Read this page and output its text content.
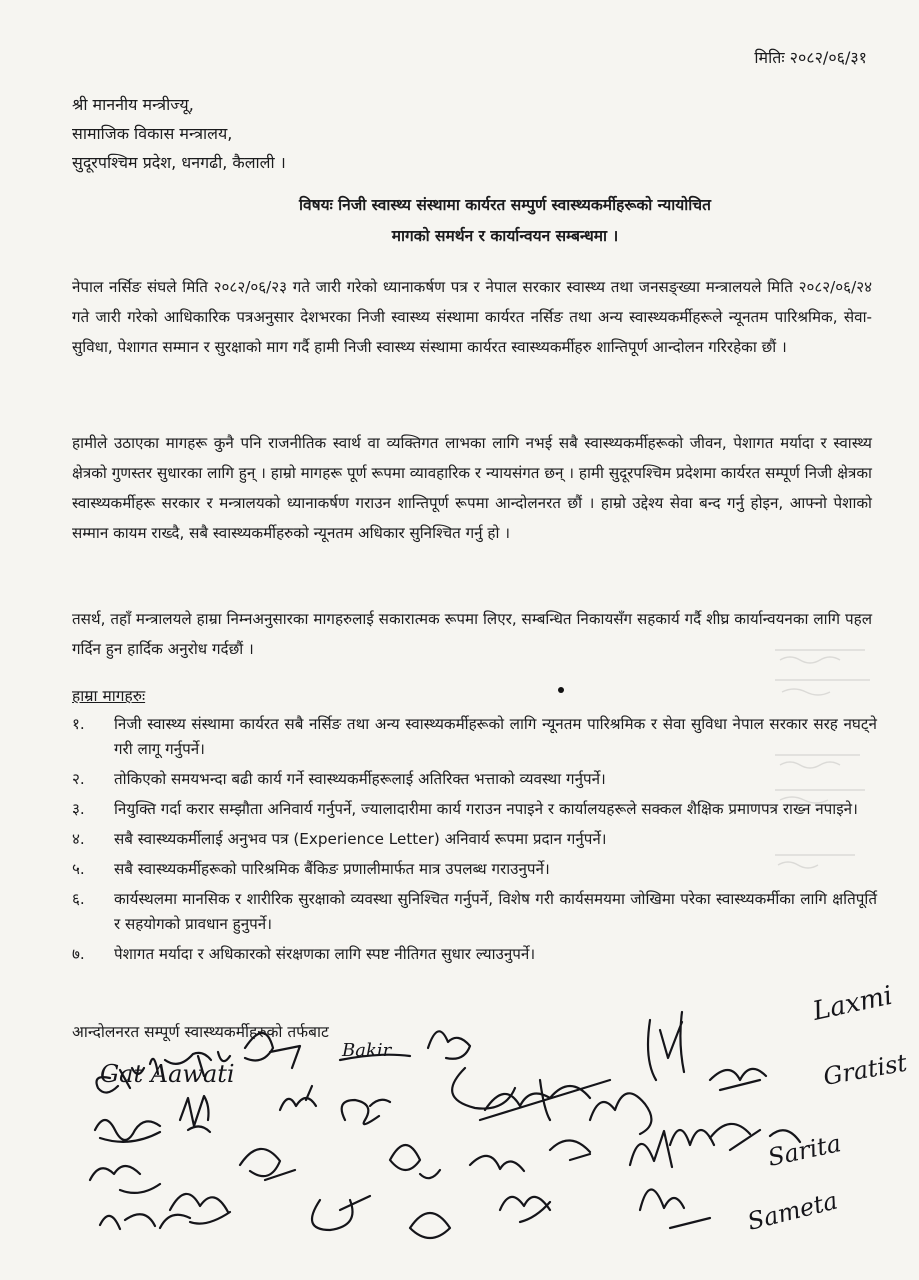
मितिः २०८२/०६/३१
श्री माननीय मन्त्रीज्यू,
सामाजिक विकास मन्त्रालय,
सुदूरपश्चिम प्रदेश, धनगढी, कैलाली ।
विषयः निजी स्वास्थ्य संस्थामा कार्यरत सम्पुर्ण स्वास्थ्यकर्मीहरूको न्यायोचित
मागको समर्थन र कार्यान्वयन सम्बन्धमा ।
नेपाल नर्सिङ संघले मिति २०८२/०६/२३ गते जारी गरेको ध्यानाकर्षण पत्र र नेपाल सरकार स्वास्थ्य तथा जनसङ्ख्या मन्त्रालयले मिति २०८२/०६/२४ गते जारी गरेको आधिकारिक पत्रअनुसार देशभरका निजी स्वास्थ्य संस्थामा कार्यरत नर्सिङ तथा अन्य स्वास्थ्यकर्मीहरूले न्यूनतम पारिश्रमिक, सेवा-सुविधा, पेशागत सम्मान र सुरक्षाको माग गर्दै हामी निजी स्वास्थ्य संस्थामा कार्यरत स्वास्थ्यकर्मीहरु शान्तिपूर्ण आन्दोलन गरिरहेका छौं ।
हामीले उठाएका मागहरू कुनै पनि राजनीतिक स्वार्थ वा व्यक्तिगत लाभका लागि नभई सबै स्वास्थ्यकर्मीहरूको जीवन, पेशागत मर्यादा र स्वास्थ्य क्षेत्रको गुणस्तर सुधारका लागि हुन् । हाम्रो मागहरू पूर्ण रूपमा व्यावहारिक र न्यायसंगत छन् । हामी सुदूरपश्चिम प्रदेशमा कार्यरत सम्पूर्ण निजी क्षेत्रका स्वास्थ्यकर्मीहरू सरकार र मन्त्रालयको ध्यानाकर्षण गराउन शान्तिपूर्ण रूपमा आन्दोलनरत छौं । हाम्रो उद्देश्य सेवा बन्द गर्नु होइन, आफ्नो पेशाको सम्मान कायम राख्दै, सबै स्वास्थ्यकर्मीहरुको न्यूनतम अधिकार सुनिश्चित गर्नु हो ।
तसर्थ, तहाँ मन्त्रालयले हाम्रा निम्नअनुसारका मागहरुलाई सकारात्मक रूपमा लिएर, सम्बन्धित निकायसँग सहकार्य गर्दै शीघ्र कार्यान्वयनका लागि पहल गर्दिन हुन हार्दिक अनुरोध गर्दछौं ।
हाम्रा मागहरुः
१.	निजी स्वास्थ्य संस्थामा कार्यरत सबै नर्सिङ तथा अन्य स्वास्थ्यकर्मीहरूको लागि न्यूनतम पारिश्रमिक र सेवा सुविधा नेपाल सरकार सरह नघट्ने गरी लागू गर्नुपर्ने।
२.	तोकिएको समयभन्दा बढी कार्य गर्ने स्वास्थ्यकर्मीहरूलाई अतिरिक्त भत्ताको व्यवस्था गर्नुपर्ने।
३.	नियुक्ति गर्दा करार सम्झौता अनिवार्य गर्नुपर्ने, ज्यालादारीमा कार्य गराउन नपाइने र कार्यालयहरूले सक्कल शैक्षिक प्रमाणपत्र राख्न नपाइने।
४.	सबै स्वास्थ्यकर्मीलाई अनुभव पत्र (Experience Letter) अनिवार्य रूपमा प्रदान गर्नुपर्ने।
५.	सबै स्वास्थ्यकर्मीहरूको पारिश्रमिक बैंकिङ प्रणालीमार्फत मात्र उपलब्ध गराउनुपर्ने।
६.	कार्यस्थलमा मानसिक र शारीरिक सुरक्षाको व्यवस्था सुनिश्चित गर्नुपर्ने, विशेष गरी कार्यसमयमा जोखिमा परेका स्वास्थ्यकर्मीका लागि क्षतिपूर्ति र सहयोगको प्रावधान हुनुपर्ने।
७.	पेशागत मर्यादा र अधिकारको संरक्षणका लागि स्पष्ट नीतिगत सुधार ल्याउनुपर्ने।
आन्दोलनरत सम्पूर्ण स्वास्थ्यकर्मीहरुको तर्फबाट
Gat Aawati
Bakir
Laxmi
Gratist
Sarita
Sameta
